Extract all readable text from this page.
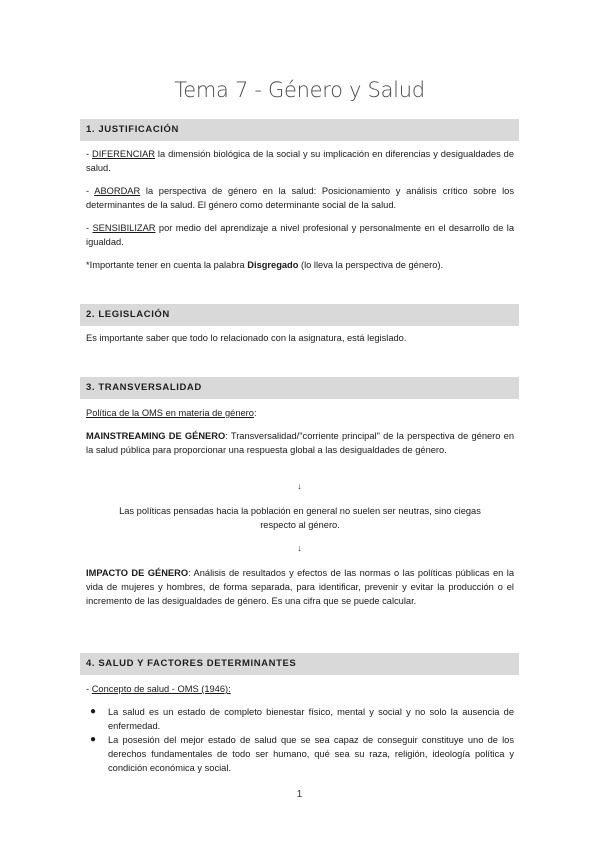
Tema 7 - Género y Salud
1. JUSTIFICACIÓN
- DIFERENCIAR la dimensión biológica de la social y su implicación en diferencias y desigualdades de salud.
- ABORDAR la perspectiva de género en la salud: Posicionamiento y análisis crítico sobre los determinantes de la salud. El género como determinante social de la salud.
- SENSIBILIZAR por medio del aprendizaje a nivel profesional y personalmente en el desarrollo de la igualdad.
*Importante tener en cuenta la palabra Disgregado (lo lleva la perspectiva de género).
2. LEGISLACIÓN
Es importante saber que todo lo relacionado con la asignatura, está legislado.
3. TRANSVERSALIDAD
Política de la OMS en materia de género:
MAINSTREAMING DE GÉNERO: Transversalidad/"corriente principal" de la perspectiva de género en la salud pública para proporcionar una respuesta global a las desigualdades de género.
↓
Las políticas pensadas hacia la población en general no suelen ser neutras, sino ciegas respecto al género.
↓
IMPACTO DE GÉNERO: Análisis de resultados y efectos de las normas o las políticas públicas en la vida de mujeres y hombres, de forma separada, para identificar, prevenir y evitar la producción o el incremento de las desigualdades de género. Es una cifra que se puede calcular.
4. SALUD Y FACTORES DETERMINANTES
- Concepto de salud - OMS (1946):
● La salud es un estado de completo bienestar físico, mental y social y no solo la ausencia de enfermedad.
● La posesión del mejor estado de salud que se sea capaz de conseguir constituye uno de los derechos fundamentales de todo ser humano, qué sea su raza, religión, ideología política y condición económica y social.
1
